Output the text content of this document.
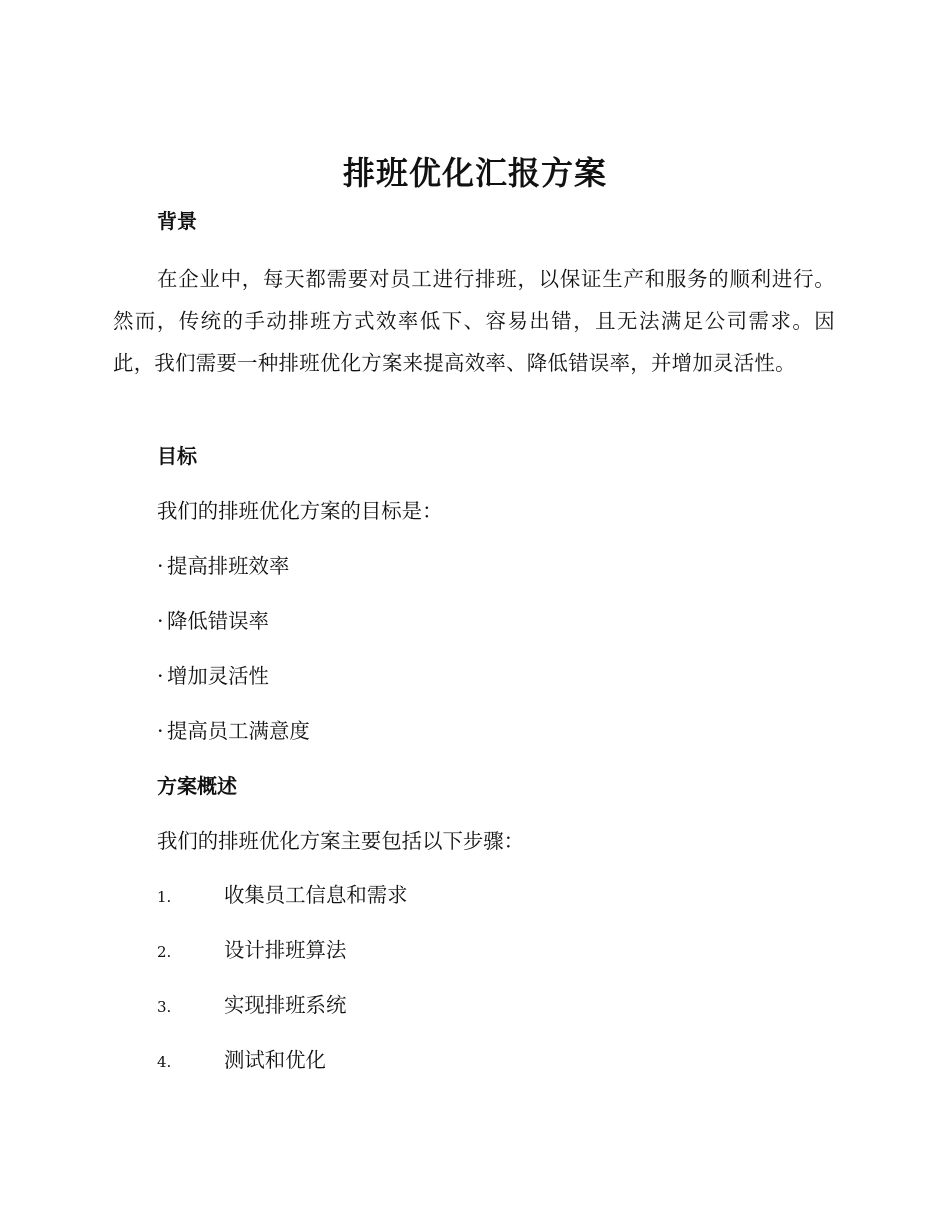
排班优化汇报方案
背景
在企业中，每天都需要对员工进行排班，以保证生产和服务的顺利进行。然而，传统的手动排班方式效率低下、容易出错，且无法满足公司需求。因此，我们需要一种排班优化方案来提高效率、降低错误率，并增加灵活性。
目标
我们的排班优化方案的目标是：
· 提高排班效率
· 降低错误率
· 增加灵活性
· 提高员工满意度
方案概述
我们的排班优化方案主要包括以下步骤：
1.	收集员工信息和需求
2.	设计排班算法
3.	实现排班系统
4.	测试和优化
